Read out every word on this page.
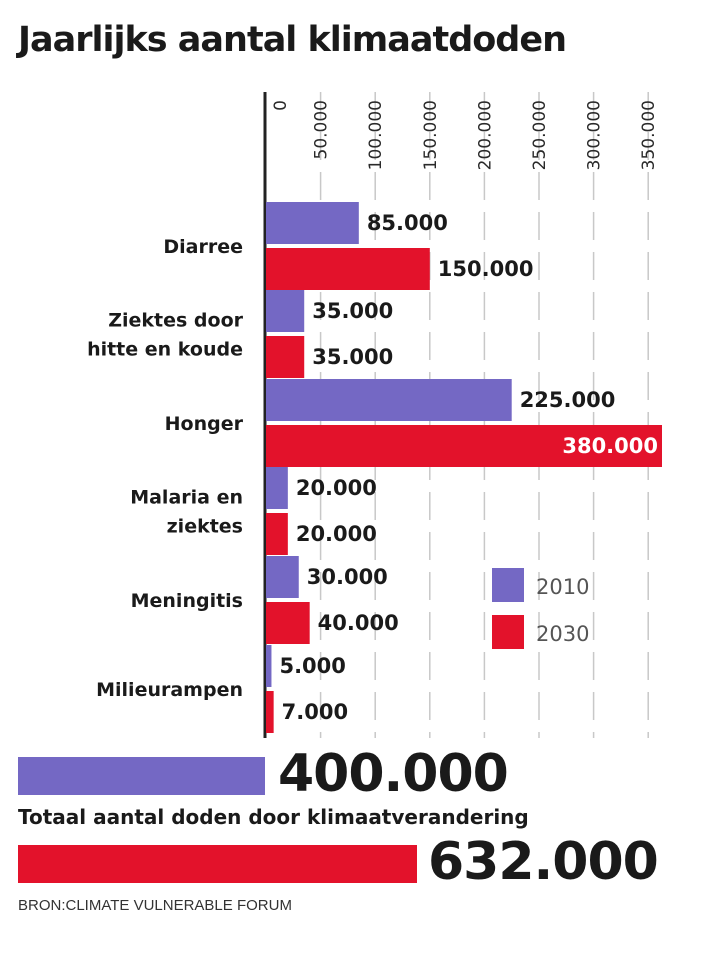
Jaarlijks aantal klimaatdoden
0 50.000 100.000 150.000 200.000 250.000 300.000 350.000
85.000
35.000
225.000
20.000
30.000
5.000
150.000
35.000
380.000
20.000
40.000
7.000
Diarree
Ziektes door
hitte en koude
Honger
Malaria en
ziektes
Meningitis
Milieurampen
2010
2030
400.000
Totaal aantal doden door klimaatverandering
632.000
BRON:CLIMATE VULNERABLE FORUM
